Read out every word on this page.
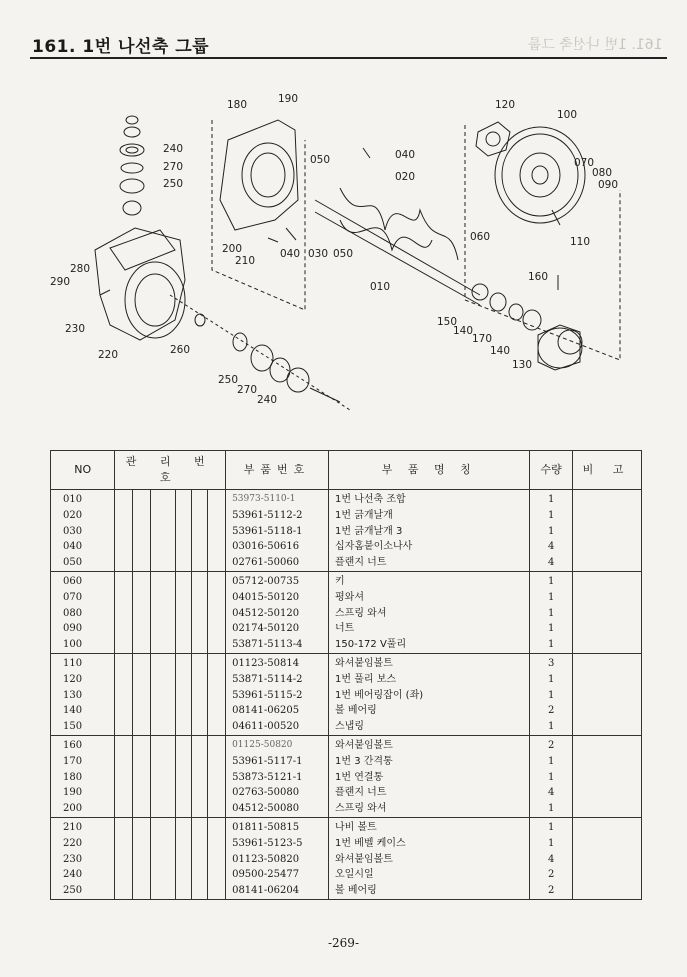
161. 1번 나선축 그룹	161. 1번 나선축 그룹
190
180
240
270
250
050	040
020
120
100
070
080
090
110
060
280
290
230
220	260
200
210
040 030 050
010
160
150
140
170
140
130
250
270
240
NO	관 리 번 호						부품번호	부 품 명 칭	수량	비 고
010							53973-5110-1	1번 나선축 조합	1	
020							53961-5112-2	1번 긁개날개	1	
030							53961-5118-1	1번 긁개날개 3	1	
040							03016-50616	십자홈붙이소나사	4	
050							02761-50060	플랜지 너트	4	
060							05712-00735	키	1	
070							04015-50120	평와셔	1	
080							04512-50120	스프링 와셔	1	
090							02174-50120	너트	1	
100							53871-5113-4	150-172 V풀리	1	
110							01123-50814	와셔붙임볼트	3	
120							53871-5114-2	1번 풀리 보스	1	
130							53961-5115-2	1번 베어링잡이 (좌)	1	
140							08141-06205	볼 베어링	2	
150							04611-00520	스냅링	1	
160							01125-50820	와셔붙임볼트	2	
170							53961-5117-1	1번 3 간격통	1	
180							53873-5121-1	1번 연결통	1	
190							02763-50080	플랜지 너트	4	
200							04512-50080	스프링 와셔	1	
210							01811-50815	나비 볼트	1	
220							53961-5123-5	1번 베벨 케이스	1	
230							01123-50820	와셔붙임볼트	4	
240							09500-25477	오일시일	2	
250							08141-06204	볼 베어링	2	
-269-
